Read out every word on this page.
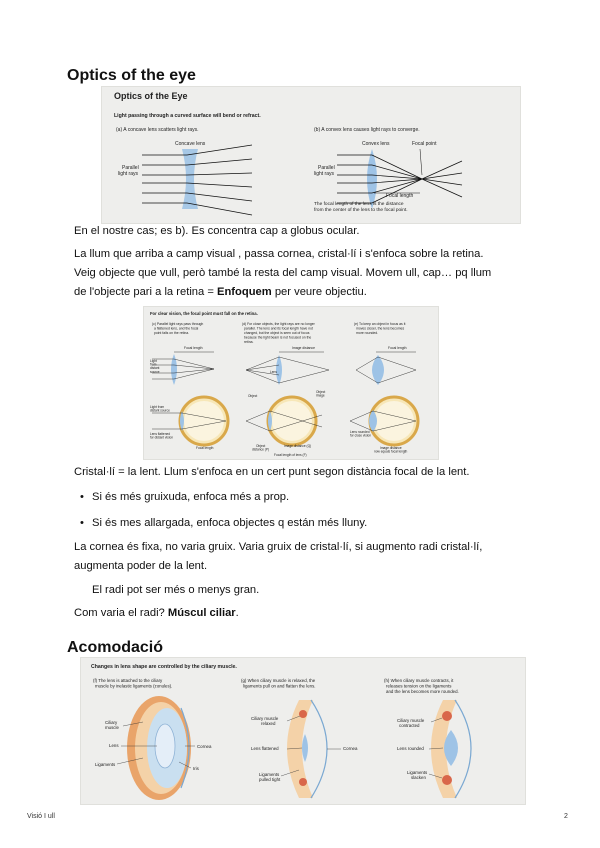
Optics of the eye
Optics of the Eye
Light passing through a curved surface will bend or refract.
(a) A concave lens scatters light rays.
Concave lens
Parallel light rays
(b) A convex lens causes light rays to converge.
Convex lens	Focal point
Parallel light rays
Focal length
The focal length of the lens is the distance from the center of the lens to the focal point.
En el nostre cas; es b). Es concentra cap a globus ocular.
La llum que arriba a camp visual , passa cornea, cristal·lí i s'enfoca sobre la retina.
Veig objecte que vull, però també la resta del camp visual. Movem ull, cap… pq llum
de l'objecte pari a la retina = Enfoquem per veure objectiu.
For clear vision, the focal point must fall on the retina.
(c) Parallel light rays pass through a flattened lens, and the focal point falls on the retina.
(d) For close objects, the light rays are no longer parallel. The lens and its focal length have not changed, but the object is seen out of focus because the light beam is not focused on the retina.
(e) To keep an object in focus as it moves closer, the lens becomes more rounded.
Focal length
Light from distant source
Light from distant source Lens flattened for distant vision
Focal length
Image distance
Lens
Object
Object image
Object distance (P)
Image distance (Q)
Focal length of lens (F)
Focal length
Lens rounded for close vision
Image distance now equals focal length
Cristal·lí = la lent. Llum s'enfoca en un cert punt segon distància focal de la lent.
• Si és més gruixuda, enfoca més a prop.
• Si és mes allargada, enfoca objectes q están més lluny.
La cornea és fixa, no varia gruix. Varia gruix de cristal·lí, si augmento radi cristal·lí,
augmenta poder de la lent.
El radi pot ser més o menys gran.
Com varia el radi? Múscul ciliar.
Acomodació
Changes in lens shape are controlled by the ciliary muscle.
(f) The lens is attached to the ciliary muscle by inelastic ligaments (zonules).
(g) When ciliary muscle is relaxed, the ligaments pull on and flatten the lens.
(h) When ciliary muscle contracts, it releases tension on the ligaments and the lens becomes more rounded.
Ciliary muscle
Lens
Ligaments
Cornea
Iris
Ciliary muscle relaxed
Lens flattened	Cornea
Ligaments pulled tight
Ciliary muscle contracted
Lens rounded
Ligaments slacken
Visió I ull	2
